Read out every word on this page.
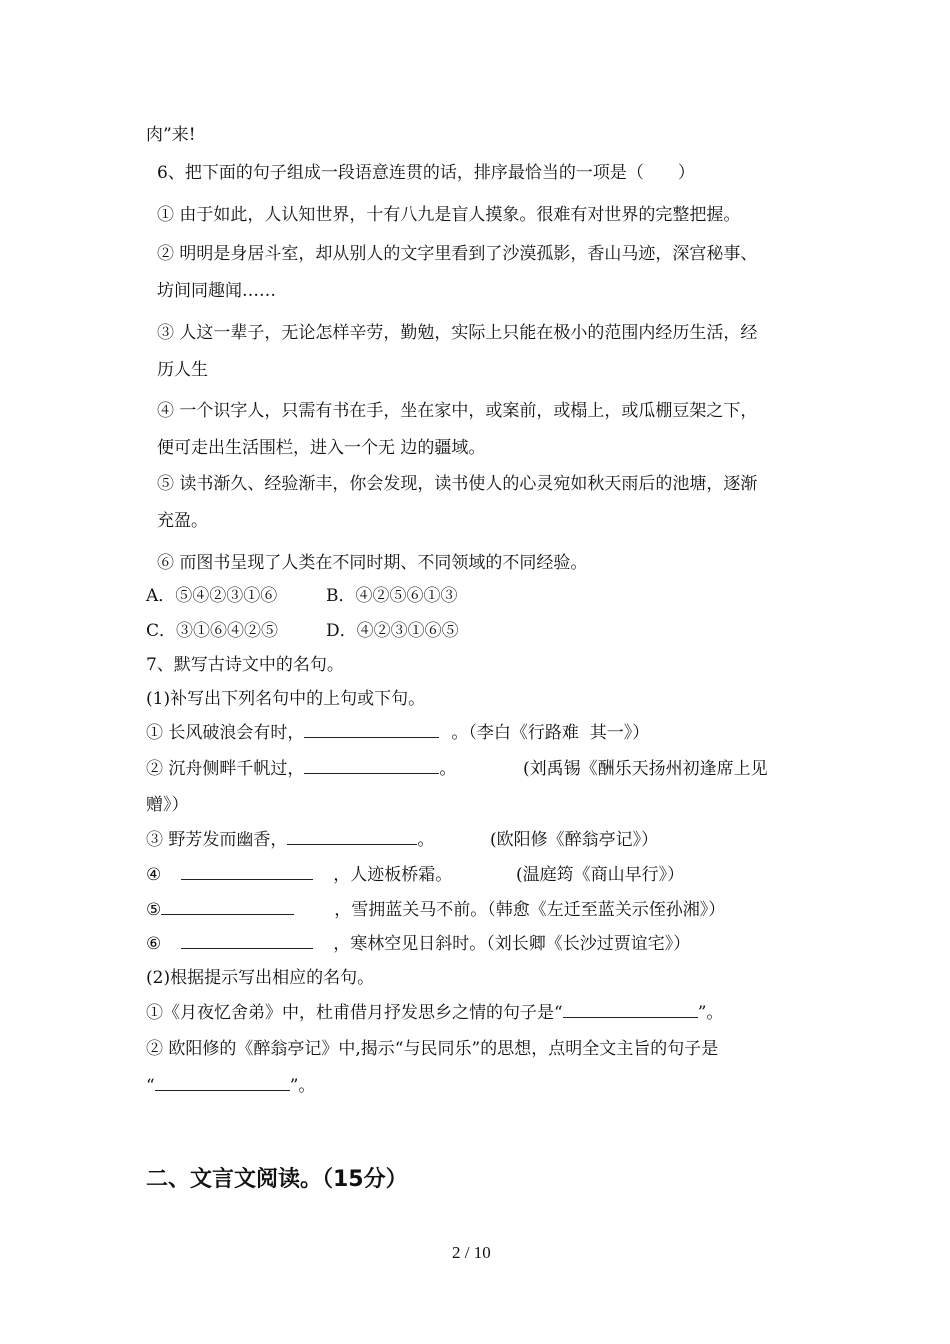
肉”来!
6、把下面的句子组成一段语意连贯的话，排序最恰当的一项是（　　）
① 由于如此，人认知世界，十有八九是盲人摸象。很难有对世界的完整把握。
② 明明是身居斗室，却从别人的文字里看到了沙漠孤影，香山马迹，深宫秘事、
坊间同趣闻……
③ 人这一辈子，无论怎样辛劳，勤勉，实际上只能在极小的范围内经历生活，经
历人生
④ 一个识字人，只需有书在手，坐在家中，或案前，或榻上，或瓜棚豆架之下，
便可走出生活围栏，进入一个无 边的疆域。
⑤ 读书渐久、经验渐丰，你会发现，读书使人的心灵宛如秋天雨后的池塘，逐渐
充盈。
⑥ 而图书呈现了人类在不同时期、不同领域的不同经验。
A．⑤④②③①⑥	B．④②⑤⑥①③
C．③①⑥④②⑤	D．④②③①⑥⑤
7、默写古诗文中的名句。
(1)补写出下列名句中的上句或下句。
① 长风破浪会有时，	。（李白《行路难  其一》）
② 沉舟侧畔千帆过，	。	(刘禹锡《酬乐天扬州初逢席上见
赠》）
③ 野芳发而幽香，	。	(欧阳修《醉翁亭记》）
④	，人迹板桥霜。	(温庭筠《商山早行》）
⑤	，雪拥蓝关马不前。（韩愈《左迁至蓝关示侄孙湘》）
⑥	，寒林空见日斜时。（刘长卿《长沙过贾谊宅》）
(2)根据提示写出相应的名句。
①《月夜忆舍弟》中，杜甫借月抒发思乡之情的句子是“	”。
② 欧阳修的《醉翁亭记》中,揭示“与民同乐”的思想，点明全文主旨的句子是
“	”。
二、文言文阅读。（15分）
2 / 10
